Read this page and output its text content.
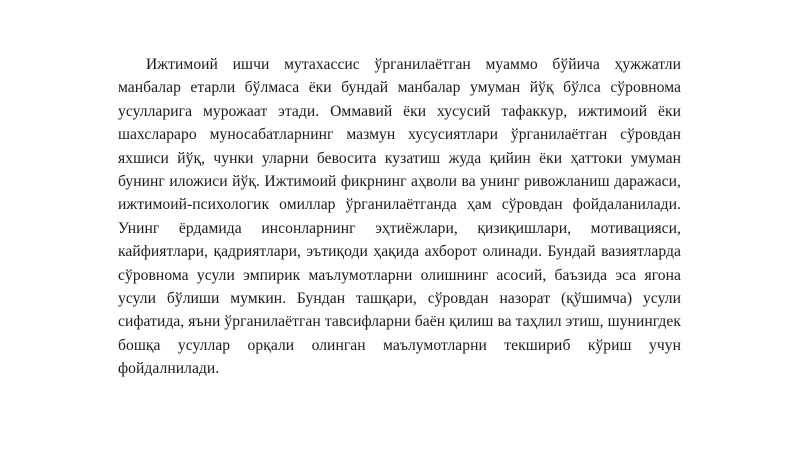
Ижтимоий ишчи мутахассис ўрганилаётган муаммо бўйича ҳужжатли манбалар етарли бўлмаса ёки бундай манбалар умуман йўқ бўлса сўровнома усулларига мурожаат этади. Оммавий ёки хусусий тафаккур, ижтимоий ёки шахслараро муносабатларнинг мазмун хусусиятлари ўрганилаётган сўровдан яхшиси йўқ, чунки уларни бевосита кузатиш жуда қийин ёки ҳаттоки умуман бунинг иложиси йўқ. Ижтимоий фикрнинг аҳволи ва унинг ривожланиш даражаси, ижтимоий-психологик омиллар ўрганилаётганда ҳам сўровдан фойдаланилади. Унинг ёрдамида инсонларнинг эҳтиёжлари, қизиқишлари, мотивацияси, кайфиятлари, қадриятлари, эътиқоди ҳақида ахборот олинади. Бундай вазиятларда сўровнома усули эмпирик маълумотларни олишнинг асосий, баъзида эса ягона усули бўлиши мумкин. Бундан ташқари, сўровдан назорат (қўшимча) усули сифатида, яъни ўрганилаётган тавсифларни баён қилиш ва таҳлил этиш, шунингдек бошқа усуллар орқали олинган маълумотларни текшириб кўриш учун фойдалнилади.
